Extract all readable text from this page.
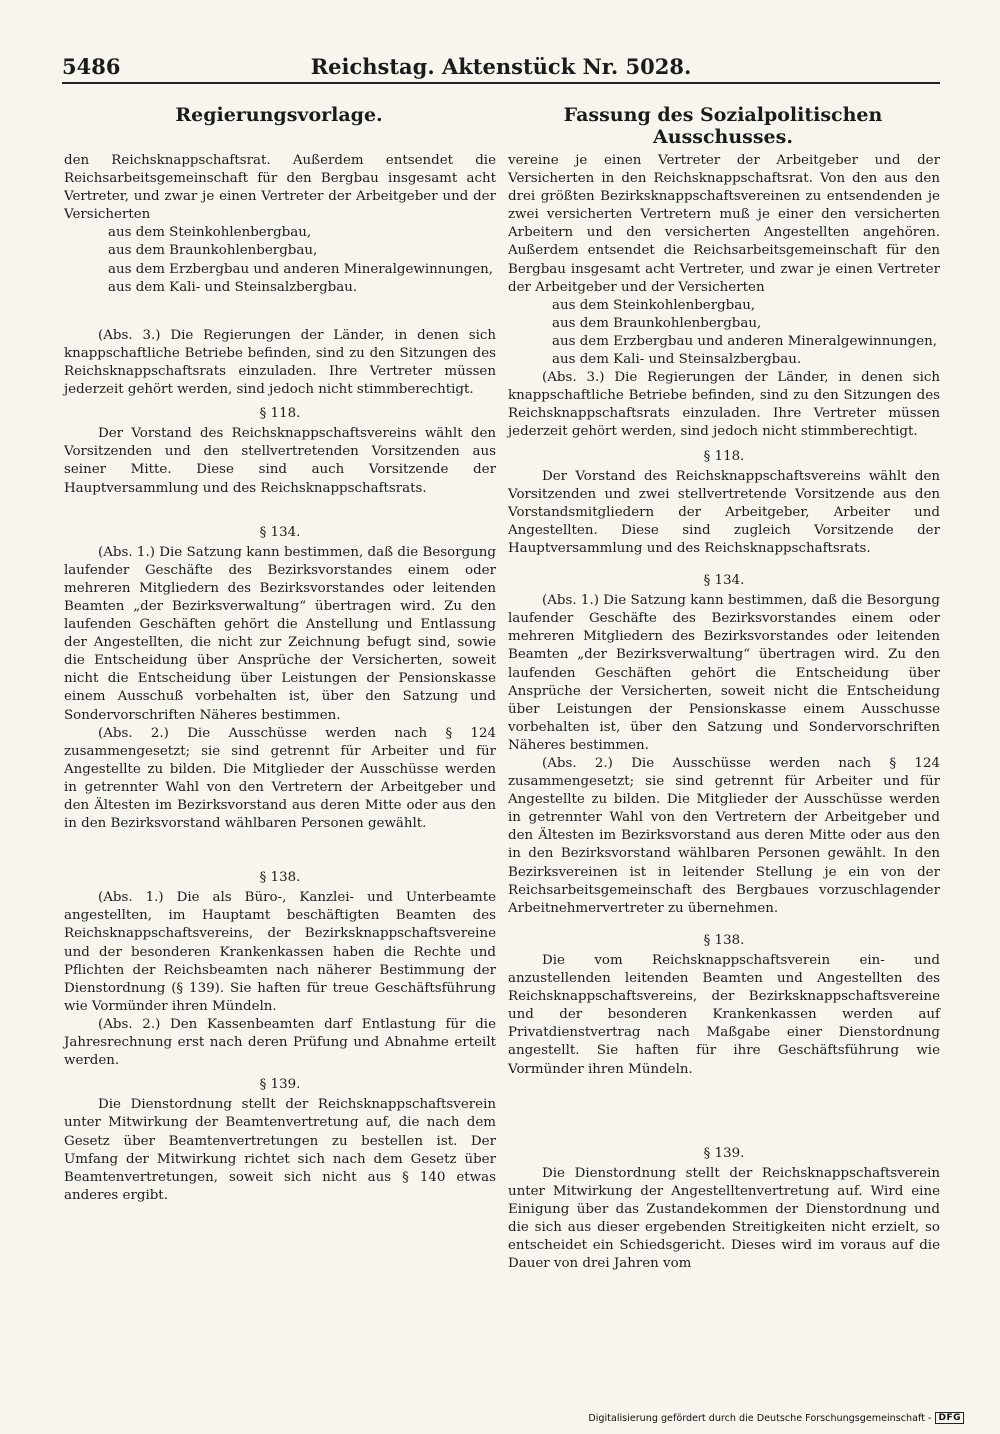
5486	Reichstag. Aktenstück Nr. 5028.
Regierungsvorlage.	Fassung des Sozialpolitischen Ausschusses.

den Reichsknappschaftsrat. Außerdem entsendet die Reichsarbeitsgemeinschaft für den Bergbau insgesamt acht Vertreter, und zwar je einen Vertreter der Arbeitgeber und der Versicherten

aus dem Steinkohlenbergbau,
aus dem Braunkohlenbergbau,
aus dem Erzbergbau und anderen Mineralgewinnungen,
aus dem Kali- und Steinsalzbergbau.

(Abs. 3.) Die Regierungen der Länder, in denen sich knappschaftliche Betriebe befinden, sind zu den Sitzungen des Reichsknappschaftsrats einzuladen. Ihre Vertreter müssen jederzeit gehört werden, sind jedoch nicht stimmberechtigt.

§ 118.

Der Vorstand des Reichsknappschaftsvereins wählt den Vorsitzenden und den stellvertretenden Vorsitzenden aus seiner Mitte. Diese sind auch Vorsitzende der Hauptversammlung und des Reichsknappschaftsrats.

§ 134.

(Abs. 1.) Die Satzung kann bestimmen, daß die Besorgung laufender Geschäfte des Bezirksvorstandes einem oder mehreren Mitgliedern des Bezirksvorstandes oder leitenden Beamten „der Bezirksverwaltung“ übertragen wird. Zu den laufenden Geschäften gehört die Anstellung und Entlassung der Angestellten, die nicht zur Zeichnung befugt sind, sowie die Entscheidung über Ansprüche der Versicherten, soweit nicht die Entscheidung über Leistungen der Pensionskasse einem Ausschuß vorbehalten ist, über den Satzung und Sondervorschriften Näheres bestimmen.

(Abs. 2.) Die Ausschüsse werden nach § 124 zusammengesetzt; sie sind getrennt für Arbeiter und für Angestellte zu bilden. Die Mitglieder der Ausschüsse werden in getrennter Wahl von den Vertretern der Arbeitgeber und den Ältesten im Bezirksvorstand aus deren Mitte oder aus den in den Bezirksvorstand wählbaren Personen gewählt.

§ 138.

(Abs. 1.) Die als Büro-, Kanzlei- und Unterbeamte angestellten, im Hauptamt beschäftigten Beamten des Reichsknappschaftsvereins, der Bezirksknappschaftsvereine und der besonderen Krankenkassen haben die Rechte und Pflichten der Reichsbeamten nach näherer Bestimmung der Dienstordnung (§ 139). Sie haften für treue Geschäftsführung wie Vormünder ihren Mündeln.

(Abs. 2.) Den Kassenbeamten darf Entlastung für die Jahresrechnung erst nach deren Prüfung und Abnahme erteilt werden.

§ 139.

Die Dienstordnung stellt der Reichsknappschaftsverein unter Mitwirkung der Beamtenvertretung auf, die nach dem Gesetz über Beamtenvertretungen zu bestellen ist. Der Umfang der Mitwirkung richtet sich nach dem Gesetz über Beamtenvertretungen, soweit sich nicht aus § 140 etwas anderes ergibt.

vereine je einen Vertreter der Arbeitgeber und der Versicherten in den Reichsknappschaftsrat. Von den aus den drei größten Bezirksknappschaftsvereinen zu entsendenden je zwei versicherten Vertretern muß je einer den versicherten Arbeitern und den versicherten Angestellten angehören. Außerdem entsendet die Reichsarbeitsgemeinschaft für den Bergbau insgesamt acht Vertreter, und zwar je einen Vertreter der Arbeitgeber und der Versicherten

aus dem Steinkohlenbergbau,
aus dem Braunkohlenbergbau,
aus dem Erzbergbau und anderen Mineralgewinnungen,
aus dem Kali- und Steinsalzbergbau.

(Abs. 3.) Die Regierungen der Länder, in denen sich knappschaftliche Betriebe befinden, sind zu den Sitzungen des Reichsknappschaftsrats einzuladen. Ihre Vertreter müssen jederzeit gehört werden, sind jedoch nicht stimmberechtigt.

§ 118.

Der Vorstand des Reichsknappschaftsvereins wählt den Vorsitzenden und zwei stellvertretende Vorsitzende aus den Vorstandsmitgliedern der Arbeitgeber, Arbeiter und Angestellten. Diese sind zugleich Vorsitzende der Hauptversammlung und des Reichsknappschaftsrats.

§ 134.

(Abs. 1.) Die Satzung kann bestimmen, daß die Besorgung laufender Geschäfte des Bezirksvorstandes einem oder mehreren Mitgliedern des Bezirksvorstandes oder leitenden Beamten „der Bezirksverwaltung“ übertragen wird. Zu den laufenden Geschäften gehört die Entscheidung über Ansprüche der Versicherten, soweit nicht die Entscheidung über Leistungen der Pensionskasse einem Ausschusse vorbehalten ist, über den Satzung und Sondervorschriften Näheres bestimmen.

(Abs. 2.) Die Ausschüsse werden nach § 124 zusammengesetzt; sie sind getrennt für Arbeiter und für Angestellte zu bilden. Die Mitglieder der Ausschüsse werden in getrennter Wahl von den Vertretern der Arbeitgeber und den Ältesten im Bezirksvorstand aus deren Mitte oder aus den in den Bezirksvorstand wählbaren Personen gewählt. In den Bezirksvereinen ist in leitender Stellung je ein von der Reichsarbeitsgemeinschaft des Bergbaues vorzuschlagender Arbeitnehmervertreter zu übernehmen.

§ 138.

Die vom Reichsknappschaftsverein ein- und anzustellenden leitenden Beamten und Angestellten des Reichsknappschaftsvereins, der Bezirksknappschaftsvereine und der besonderen Krankenkassen werden auf Privatdienstvertrag nach Maßgabe einer Dienstordnung angestellt. Sie haften für ihre Geschäftsführung wie Vormünder ihren Mündeln.

§ 139.

Die Dienstordnung stellt der Reichsknappschaftsverein unter Mitwirkung der Angestelltenvertretung auf. Wird eine Einigung über das Zustandekommen der Dienstordnung und die sich aus dieser ergebenden Streitigkeiten nicht erzielt, so entscheidet ein Schiedsgericht. Dieses wird im voraus auf die Dauer von drei Jahren vom

Digitalisierung gefördert durch die Deutsche Forschungsgemeinschaft - DFG
